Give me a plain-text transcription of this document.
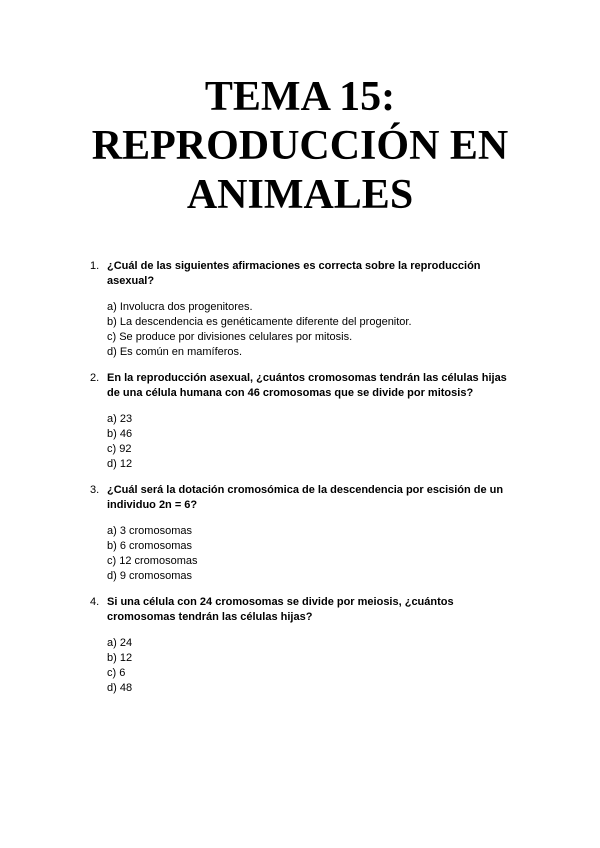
TEMA 15:
REPRODUCCIÓN EN
ANIMALES
1. ¿Cuál de las siguientes afirmaciones es correcta sobre la reproducción asexual?
a) Involucra dos progenitores.
b) La descendencia es genéticamente diferente del progenitor.
c) Se produce por divisiones celulares por mitosis.
d) Es común en mamíferos.
2. En la reproducción asexual, ¿cuántos cromosomas tendrán las células hijas de una célula humana con 46 cromosomas que se divide por mitosis?
a) 23
b) 46
c) 92
d) 12
3. ¿Cuál será la dotación cromosómica de la descendencia por escisión de un individuo 2n = 6?
a) 3 cromosomas
b) 6 cromosomas
c) 12 cromosomas
d) 9 cromosomas
4. Si una célula con 24 cromosomas se divide por meiosis, ¿cuántos cromosomas tendrán las células hijas?
a) 24
b) 12
c) 6
d) 48
